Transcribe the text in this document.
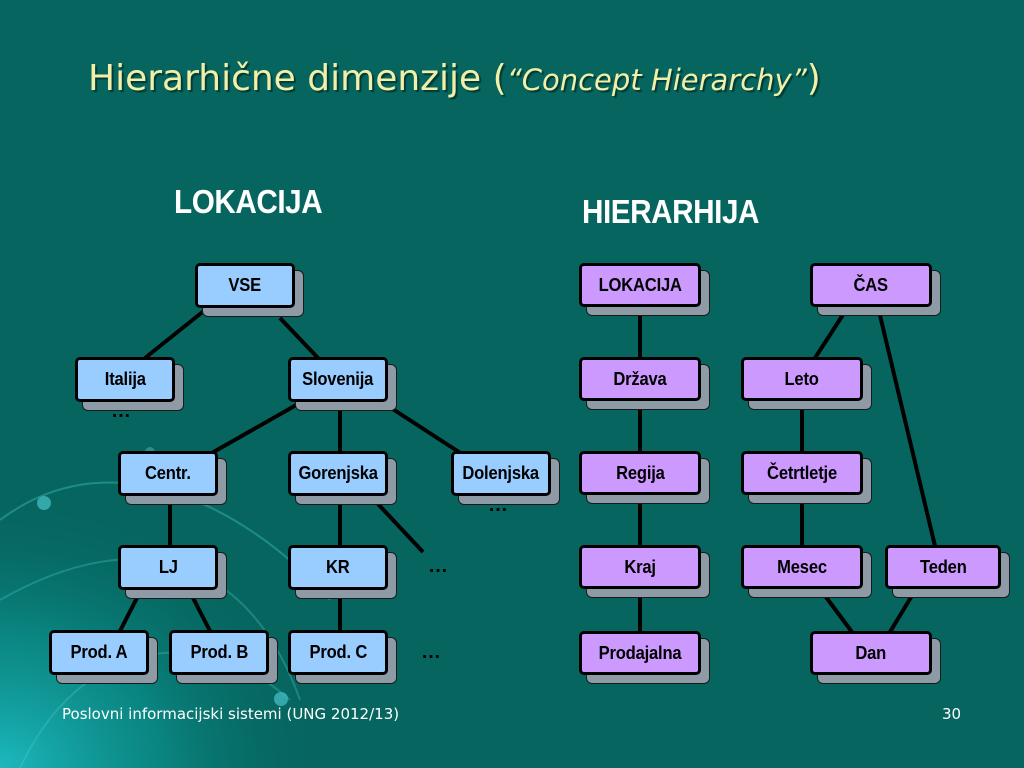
Hierarhične dimenzije (“Concept Hierarchy”)
LOKACIJA	HIERARHIJA
VSE
Italija	Slovenija
Centr.	Gorenjska	Dolenjska
LJ	KR
Prod. A	Prod. B	Prod. C
…
…
…
…
LOKACIJA
Država
Regija
Kraj
Prodajalna
ČAS
Leto
Četrtletje
Mesec	Teden
Dan
Poslovni informacijski sistemi (UNG 2012/13)	30
